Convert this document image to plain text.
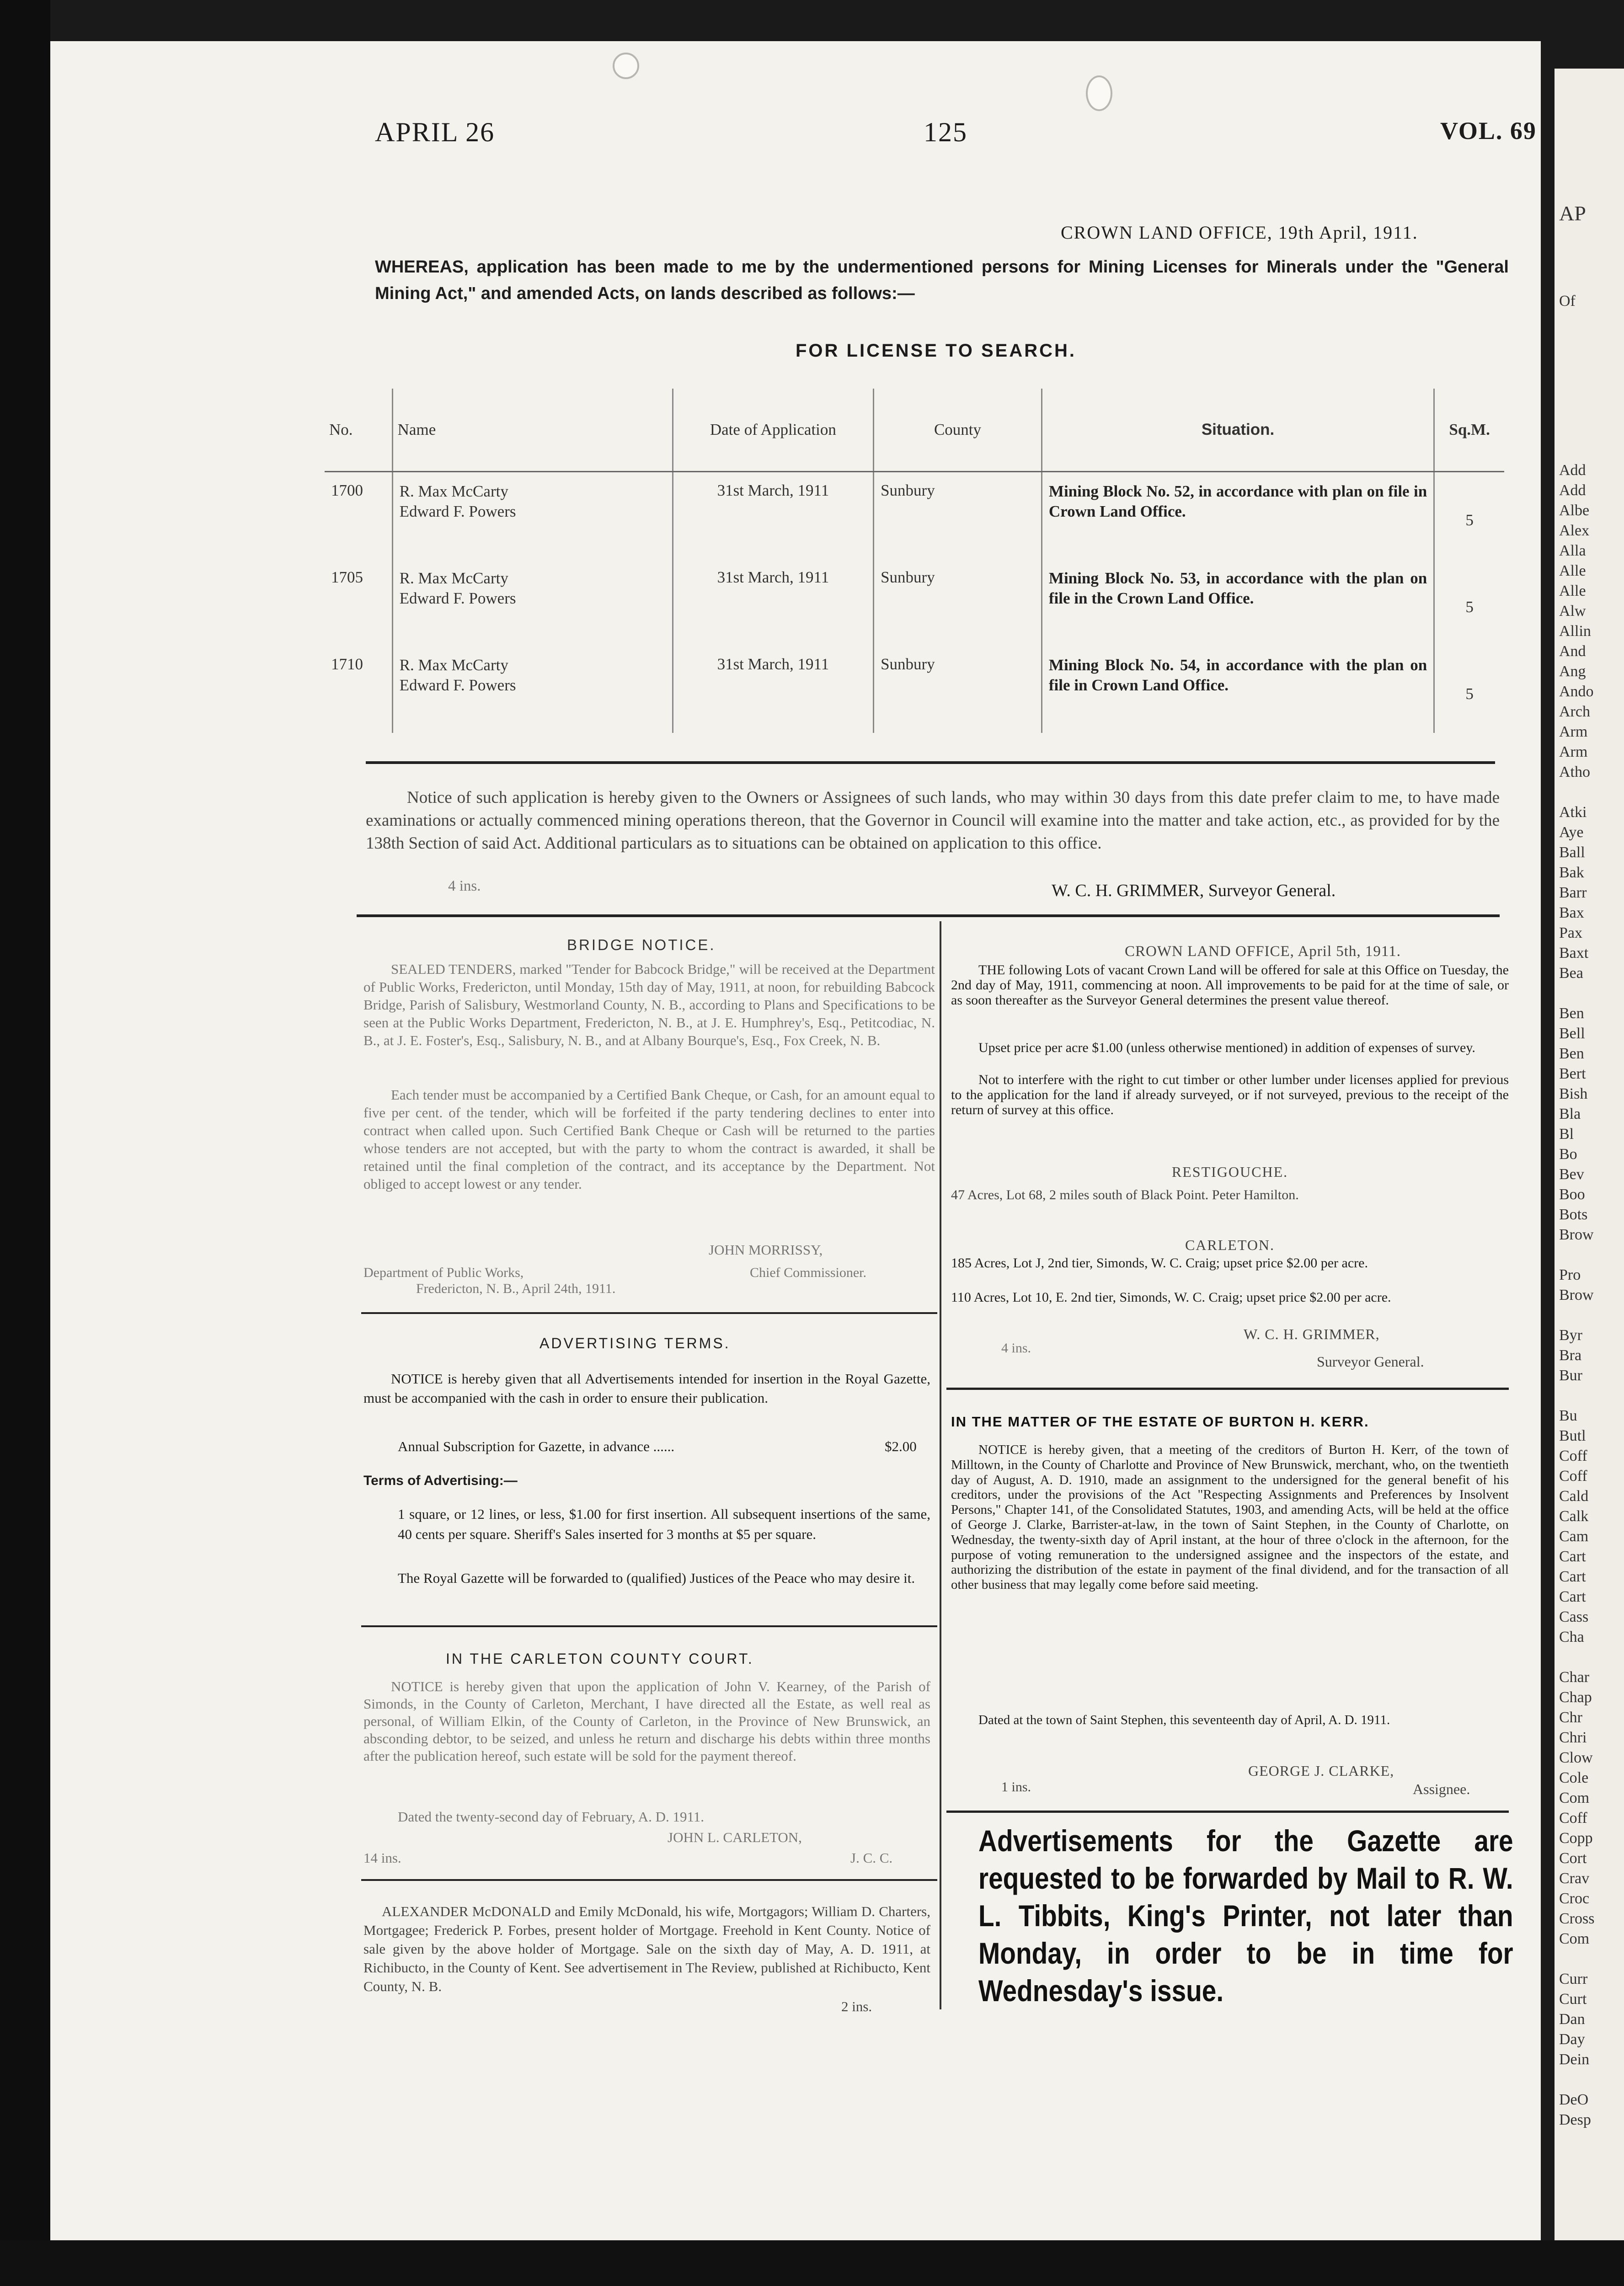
AP
Of
Add
Add
Albe
Alex
Alla
Alle
Alle
Alw
Allin
And
Ang
Ando
Arch
Arm
Arm
Atho
Atki
Aye
Ball
Bak
Barr
Bax
Pax
Baxt
Bea
Ben
Bell
Ben
Bert
Bish
Bla
Bl
Bo
Bev
Boo
Bots
Brow
Pro
Brow
Byr
Bra
Bur
Bu
Butl
Coff
Coff
Cald
Calk
Cam
Cart
Cart
Cart
Cass
Cha
Char
Chap
Chr
Chri
Clow
Cole
Com
Coff
Copp
Cort
Crav
Croc
Cross
Com
Curr
Curt
Dan
Day
Dein
DeO
Desp
APRIL 26	125	VOL. 69
CROWN LAND OFFICE, 19th April, 1911.
WHEREAS, application has been made to me by the undermentioned persons for Mining Licenses for Minerals under the "General Mining Act," and amended Acts, on lands described as follows:—
FOR LICENSE TO SEARCH.
No.	Name	Date of Application	County	Situation.	Sq.M.
1700	R. Max McCarty
Edward F. Powers	31st March, 1911	Sunbury	Mining Block No. 52, in accordance with plan on file in Crown Land Office.	5
1705	R. Max McCarty
Edward F. Powers	31st March, 1911	Sunbury	Mining Block No. 53, in accordance with the plan on file in the Crown Land Office.	5
1710	R. Max McCarty
Edward F. Powers	31st March, 1911	Sunbury	Mining Block No. 54, in accordance with the plan on file in Crown Land Office.	5
Notice of such application is hereby given to the Owners or Assignees of such lands, who may within 30 days from this date prefer claim to me, to have made examinations or actually commenced mining operations thereon, that the Governor in Council will examine into the matter and take action, etc., as provided for by the 138th Section of said Act. Additional particulars as to situations can be obtained on application to this office.
4 ins.	W. C. H. GRIMMER, Surveyor General.
BRIDGE NOTICE.
SEALED TENDERS, marked "Tender for Babcock Bridge," will be received at the Department of Public Works, Fredericton, until Monday, 15th day of May, 1911, at noon, for rebuilding Babcock Bridge, Parish of Salisbury, Westmorland County, N. B., according to Plans and Specifications to be seen at the Public Works Department, Fredericton, N. B., at J. E. Humphrey's, Esq., Petitcodiac, N. B., at J. E. Foster's, Esq., Salisbury, N. B., and at Albany Bourque's, Esq., Fox Creek, N. B.
Each tender must be accompanied by a Certified Bank Cheque, or Cash, for an amount equal to five per cent. of the tender, which will be forfeited if the party tendering declines to enter into contract when called upon. Such Certified Bank Cheque or Cash will be returned to the parties whose tenders are not accepted, but with the party to whom the contract is awarded, it shall be retained until the final completion of the contract, and its acceptance by the Department. Not obliged to accept lowest or any tender.
JOHN MORRISSY,
Department of Public Works,	Chief Commissioner.
Fredericton, N. B., April 24th, 1911.
ADVERTISING TERMS.
NOTICE is hereby given that all Advertisements intended for insertion in the Royal Gazette, must be accompanied with the cash in order to ensure their publication.
Annual Subscription for Gazette, in advance ......	$2.00
Terms of Advertising:—
1 square, or 12 lines, or less, $1.00 for first insertion. All subsequent insertions of the same, 40 cents per square. Sheriff's Sales inserted for 3 months at $5 per square.
The Royal Gazette will be forwarded to (qualified) Justices of the Peace who may desire it.
IN THE CARLETON COUNTY COURT.
NOTICE is hereby given that upon the application of John V. Kearney, of the Parish of Simonds, in the County of Carleton, Merchant, I have directed all the Estate, as well real as personal, of William Elkin, of the County of Carleton, in the Province of New Brunswick, an absconding debtor, to be seized, and unless he return and discharge his debts within three months after the publication hereof, such estate will be sold for the payment thereof.
Dated the twenty-second day of February, A. D. 1911.
JOHN L. CARLETON,
14 ins.	J. C. C.
ALEXANDER McDONALD and Emily McDonald, his wife, Mortgagors; William D. Charters, Mortgagee; Frederick P. Forbes, present holder of Mortgage. Freehold in Kent County. Notice of sale given by the above holder of Mortgage. Sale on the sixth day of May, A. D. 1911, at Richibucto, in the County of Kent. See advertisement in The Review, published at Richibucto, Kent County, N. B.
2 ins.
CROWN LAND OFFICE, April 5th, 1911.
THE following Lots of vacant Crown Land will be offered for sale at this Office on Tuesday, the 2nd day of May, 1911, commencing at noon. All improvements to be paid for at the time of sale, or as soon thereafter as the Surveyor General determines the present value thereof.
Upset price per acre $1.00 (unless otherwise mentioned) in addition of expenses of survey.
Not to interfere with the right to cut timber or other lumber under licenses applied for previous to the application for the land if already surveyed, or if not surveyed, previous to the receipt of the return of survey at this office.
RESTIGOUCHE.
47 Acres, Lot 68, 2 miles south of Black Point. Peter Hamilton.
CARLETON.
185 Acres, Lot J, 2nd tier, Simonds, W. C. Craig; upset price $2.00 per acre.
110 Acres, Lot 10, E. 2nd tier, Simonds, W. C. Craig; upset price $2.00 per acre.
W. C. H. GRIMMER,
4 ins.
Surveyor General.
IN THE MATTER OF THE ESTATE OF BURTON H. KERR.
NOTICE is hereby given, that a meeting of the creditors of Burton H. Kerr, of the town of Milltown, in the County of Charlotte and Province of New Brunswick, merchant, who, on the twentieth day of August, A. D. 1910, made an assignment to the undersigned for the general benefit of his creditors, under the provisions of the Act "Respecting Assignments and Preferences by Insolvent Persons," Chapter 141, of the Consolidated Statutes, 1903, and amending Acts, will be held at the office of George J. Clarke, Barrister-at-law, in the town of Saint Stephen, in the County of Charlotte, on Wednesday, the twenty-sixth day of April instant, at the hour of three o'clock in the afternoon, for the purpose of voting remuneration to the undersigned assignee and the inspectors of the estate, and authorizing the distribution of the estate in payment of the final dividend, and for the transaction of all other business that may legally come before said meeting.
Dated at the town of Saint Stephen, this seventeenth day of April, A. D. 1911.
GEORGE J. CLARKE,
1 ins.	Assignee.
Advertisements for the Gazette are requested to be forwarded by Mail to R. W. L. Tibbits, King's Printer, not later than Monday, in order to be in time for Wednesday's issue.
